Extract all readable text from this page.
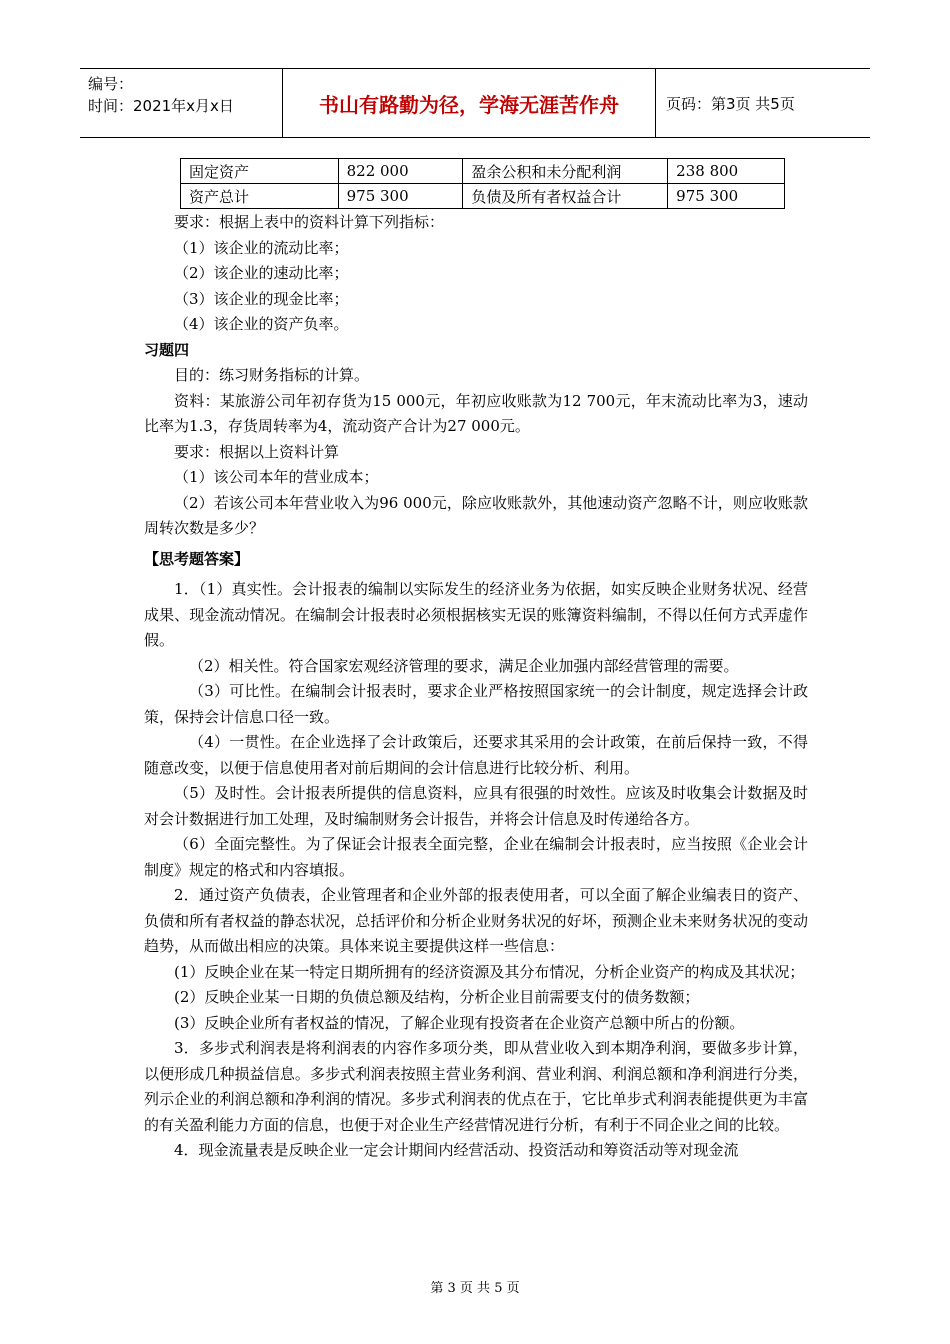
编号：
时间：2021年x月x日	书山有路勤为径，学海无涯苦作舟	页码：第3页 共5页
固定资产	822 000	盈余公积和未分配利润	238 800
资产总计	975 300	负债及所有者权益合计	975 300

要求：根据上表中的资料计算下列指标：

（1）该企业的流动比率；

（2）该企业的速动比率；

（3）该企业的现金比率；

（4）该企业的资产负率。

习题四

目的：练习财务指标的计算。

资料：某旅游公司年初存货为15 000元，年初应收账款为12 700元，年末流动比率为3，速动比率为1.3，存货周转率为4，流动资产合计为27 000元。

要求：根据以上资料计算

（1）该公司本年的营业成本；

（2）若该公司本年营业收入为96 000元，除应收账款外，其他速动资产忽略不计，则应收账款周转次数是多少？

【思考题答案】

1．（1）真实性。会计报表的编制以实际发生的经济业务为依据，如实反映企业财务状况、经营成果、现金流动情况。在编制会计报表时必须根据核实无误的账簿资料编制，不得以任何方式弄虚作假。

（2）相关性。符合国家宏观经济管理的要求，满足企业加强内部经营管理的需要。

（3）可比性。在编制会计报表时，要求企业严格按照国家统一的会计制度，规定选择会计政策，保持会计信息口径一致。

（4）一贯性。在企业选择了会计政策后，还要求其采用的会计政策，在前后保持一致，不得随意改变，以便于信息使用者对前后期间的会计信息进行比较分析、利用。

（5）及时性。会计报表所提供的信息资料，应具有很强的时效性。应该及时收集会计数据及时对会计数据进行加工处理，及时编制财务会计报告，并将会计信息及时传递给各方。

（6）全面完整性。为了保证会计报表全面完整，企业在编制会计报表时，应当按照《企业会计制度》规定的格式和内容填报。

2．通过资产负债表，企业管理者和企业外部的报表使用者，可以全面了解企业编表日的资产、负债和所有者权益的静态状况，总括评价和分析企业财务状况的好坏，预测企业未来财务状况的变动趋势，从而做出相应的决策。具体来说主要提供这样一些信息：

(1）反映企业在某一特定日期所拥有的经济资源及其分布情况，分析企业资产的构成及其状况；

(2）反映企业某一日期的负债总额及结构，分析企业目前需要支付的债务数额；

(3）反映企业所有者权益的情况，了解企业现有投资者在企业资产总额中所占的份额。

3．多步式利润表是将利润表的内容作多项分类，即从营业收入到本期净利润，要做多步计算，以便形成几种损益信息。多步式利润表按照主营业务利润、营业利润、利润总额和净利润进行分类，列示企业的利润总额和净利润的情况。多步式利润表的优点在于，它比单步式利润表能提供更为丰富的有关盈利能力方面的信息，也便于对企业生产经营情况进行分析，有利于不同企业之间的比较。

4．现金流量表是反映企业一定会计期间内经营活动、投资活动和筹资活动等对现金流

第 3 页 共 5 页
